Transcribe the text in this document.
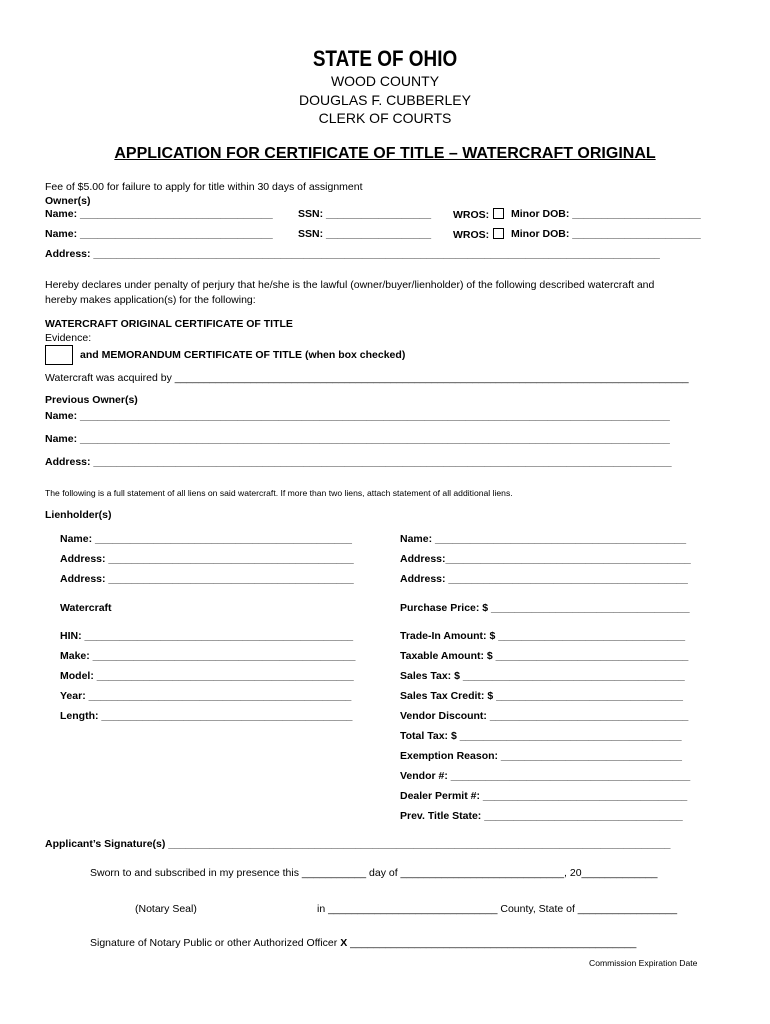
STATE OF OHIO
WOOD COUNTY
DOUGLAS F. CUBBERLEY
CLERK OF COURTS
APPLICATION FOR CERTIFICATE OF TITLE – WATERCRAFT ORIGINAL
Fee of $5.00 for failure to apply for title within 30 days of assignment
Owner(s)
Name: _________________________________ SSN: __________________ WROS:	Minor DOB: ______________________
Name: _________________________________ SSN: __________________ WROS:	Minor DOB: ______________________
Address: _________________________________________________________________________________________________
Hereby declares under penalty of perjury that he/she is the lawful (owner/buyer/lienholder) of the following described watercraft and
hereby makes application(s) for the following:
WATERCRAFT ORIGINAL CERTIFICATE OF TITLE
Evidence:
and MEMORANDUM CERTIFICATE OF TITLE (when box checked)
Watercraft was acquired by ________________________________________________________________________________________
Previous Owner(s)
Name: _____________________________________________________________________________________________________
Name: _____________________________________________________________________________________________________
Address: ___________________________________________________________________________________________________
The following is a full statement of all liens on said watercraft. If more than two liens, attach statement of all additional liens.
Lienholder(s)
Name: ____________________________________________
Address: __________________________________________
Address: __________________________________________
Name: ___________________________________________
Address:__________________________________________
Address: _________________________________________
Watercraft
HIN: ______________________________________________
Make: _____________________________________________
Model: ____________________________________________
Year: _____________________________________________
Length: ___________________________________________
Purchase Price: $ __________________________________
Trade-In Amount: $ ________________________________
Taxable Amount: $ _________________________________
Sales Tax: $ ______________________________________
Sales Tax Credit: $ ________________________________
Vendor Discount: __________________________________
Total Tax: $ ______________________________________
Exemption Reason: _______________________________
Vendor #: _________________________________________
Dealer Permit #: ___________________________________
Prev. Title State: __________________________________
Applicant’s Signature(s) ______________________________________________________________________________________
Sworn to and subscribed in my presence this ___________ day of ____________________________, 20_____________
(Notary Seal)	in _____________________________ County, State of _________________
Signature of Notary Public or other Authorized Officer X _________________________________________________
Commission Expiration Date
